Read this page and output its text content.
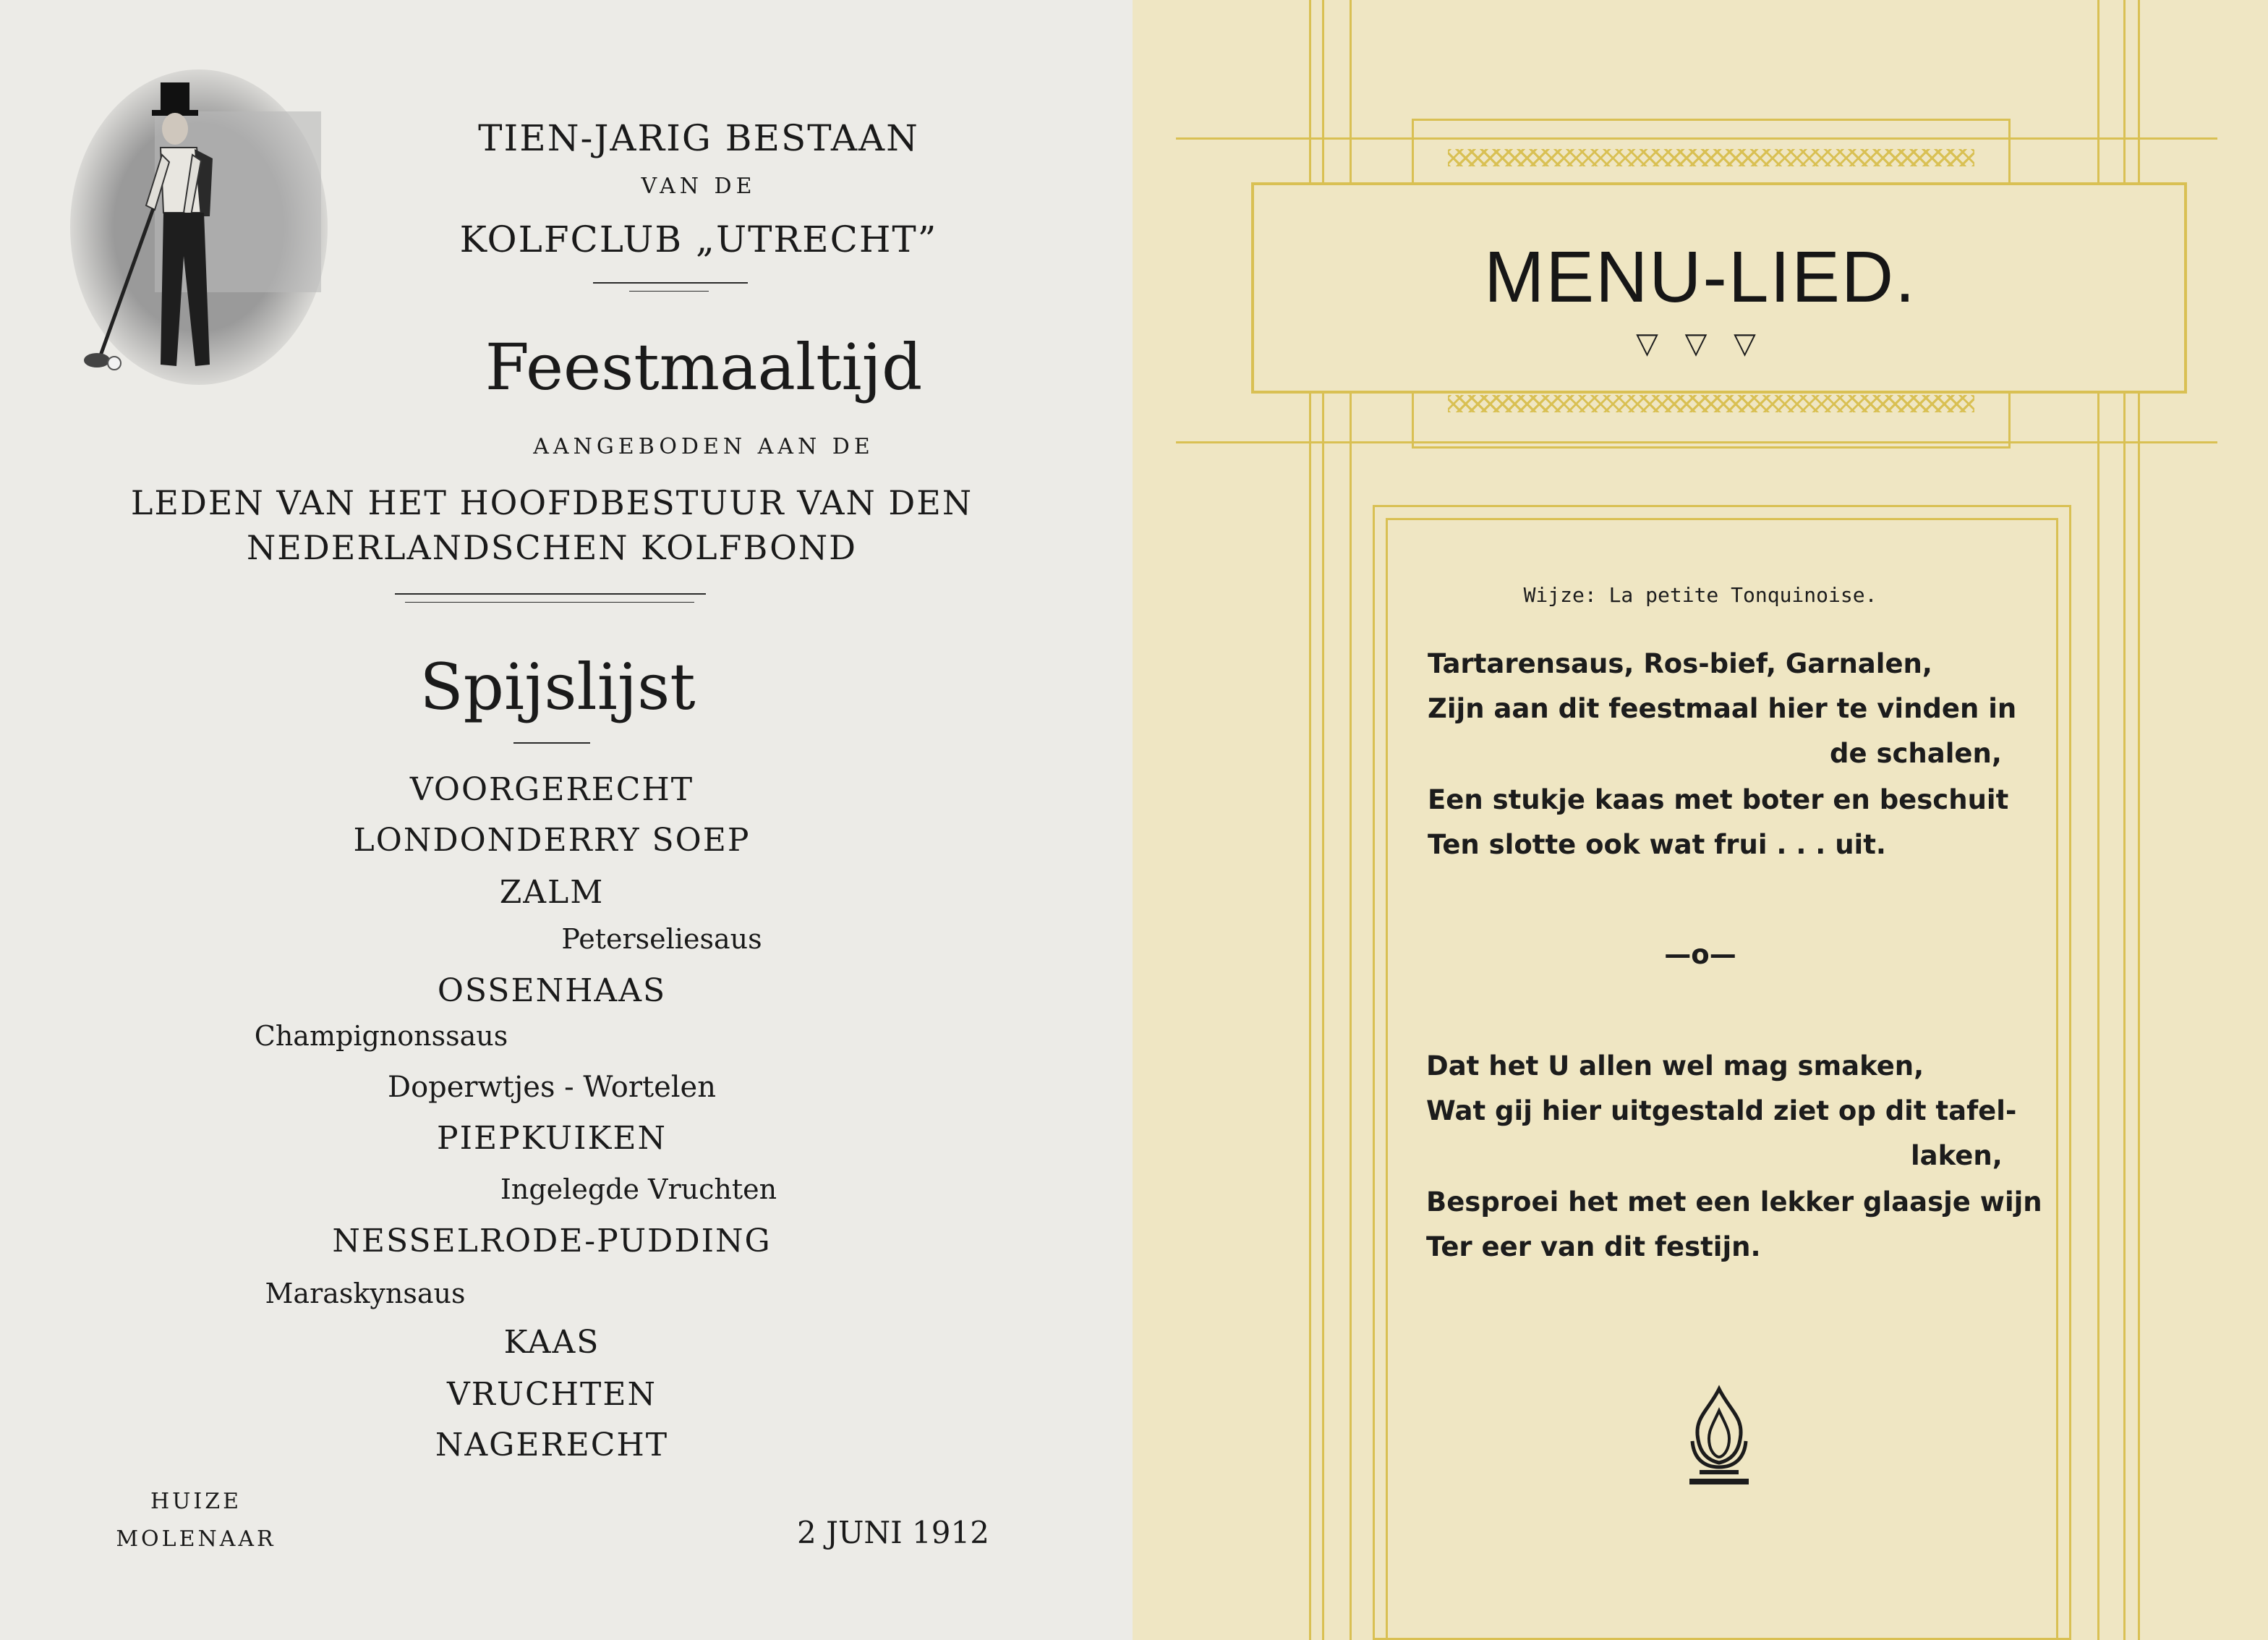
TIEN-JARIG BESTAAN
VAN DE
KOLFCLUB „UTRECHT”
Feestmaaltijd
AANGEBODEN AAN DE
LEDEN VAN HET HOOFDBESTUUR VAN DEN
NEDERLANDSCHEN KOLFBOND
Spijslijst
VOORGERECHT
LONDONDERRY SOEP
ZALM
Peterseliesaus
OSSENHAAS
Champignonssaus
Doperwtjes - Wortelen
PIEPKUIKEN
Ingelegde Vruchten
NESSELRODE-PUDDING
Maraskynsaus
KAAS
VRUCHTEN
NAGERECHT
HUIZE
MOLENAAR	2 JUNI 1912
MENU-LIED.
▽ ▽ ▽
Wijze: La petite Tonquinoise.
Tartarensaus, Ros-bief, Garnalen,
Zijn aan dit feestmaal hier te vinden in
de schalen,
Een stukje kaas met boter en beschuit
Ten slotte ook wat frui . . . uit.
—o—
Dat het U allen wel mag smaken,
Wat gij hier uitgestald ziet op dit tafel-
laken,
Besproei het met een lekker glaasje wijn
Ter eer van dit festijn.
